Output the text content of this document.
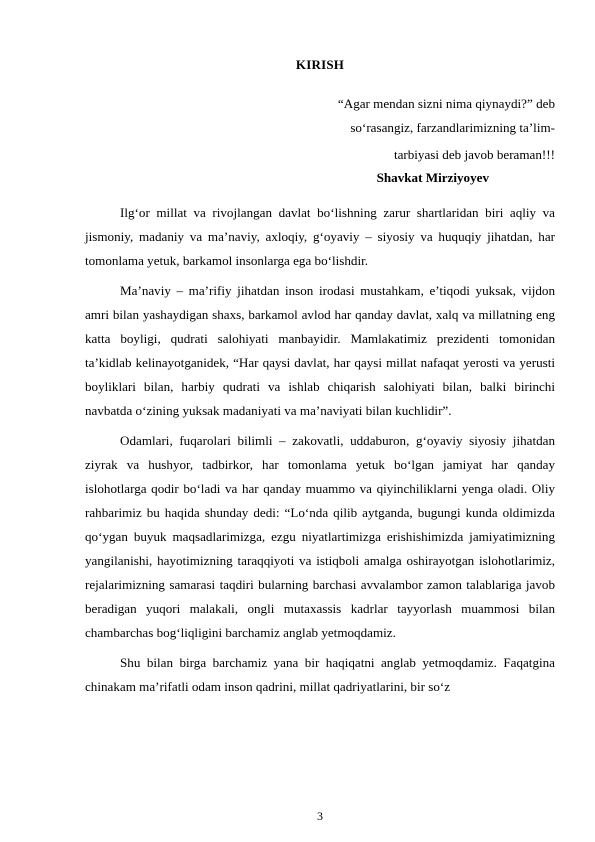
KIRISH
“Agar mendan sizni nima qiynaydi?” deb
so‘rasangiz, farzandlarimizning ta’lim-
tarbiyasi deb javob beraman!!!
Shavkat Mirziyoyev

Ilg‘or millat va rivojlangan davlat bo‘lishning zarur shartlaridan biri aqliy va jismoniy, madaniy va ma’naviy, axloqiy, g‘oyaviy – siyosiy va huquqiy jihatdan, har tomonlama yetuk, barkamol insonlarga ega bo‘lishdir.

Ma’naviy – ma’rifiy jihatdan inson irodasi mustahkam, e’tiqodi yuksak, vijdon amri bilan yashaydigan shaxs, barkamol avlod har qanday davlat, xalq va millatning eng katta boyligi, qudrati salohiyati manbayidir. Mamlakatimiz prezidenti tomonidan ta’kidlab kelinayotganidek, “Har qaysi davlat, har qaysi millat nafaqat yerosti va yerusti boyliklari bilan, harbiy qudrati va ishlab chiqarish salohiyati bilan, balki birinchi navbatda o‘zining yuksak madaniyati va ma’naviyati bilan kuchlidir”.

Odamlari, fuqarolari bilimli – zakovatli, uddaburon, g‘oyaviy siyosiy jihatdan ziyrak va hushyor, tadbirkor, har tomonlama yetuk bo‘lgan jamiyat har qanday islohotlarga qodir bo‘ladi va har qanday muammo va qiyinchiliklarni yenga oladi. Oliy rahbarimiz bu haqida shunday dedi: “Lo‘nda qilib aytganda, bugungi kunda oldimizda qo‘ygan buyuk maqsadlarimizga, ezgu niyatlartimizga erishishimizda jamiyatimizning yangilanishi, hayotimizning taraqqiyoti va istiqboli amalga oshirayotgan islohotlarimiz, rejalarimizning samarasi taqdiri bularning barchasi avvalambor zamon talablariga javob beradigan yuqori malakali, ongli mutaxassis kadrlar tayyorlash muammosi bilan chambarchas bog‘liqligini barchamiz anglab yetmoqdamiz.

Shu bilan birga barchamiz yana bir haqiqatni anglab yetmoqdamiz. Faqatgina chinakam ma’rifatli odam inson qadrini, millat qadriyatlarini, bir so‘z

3
